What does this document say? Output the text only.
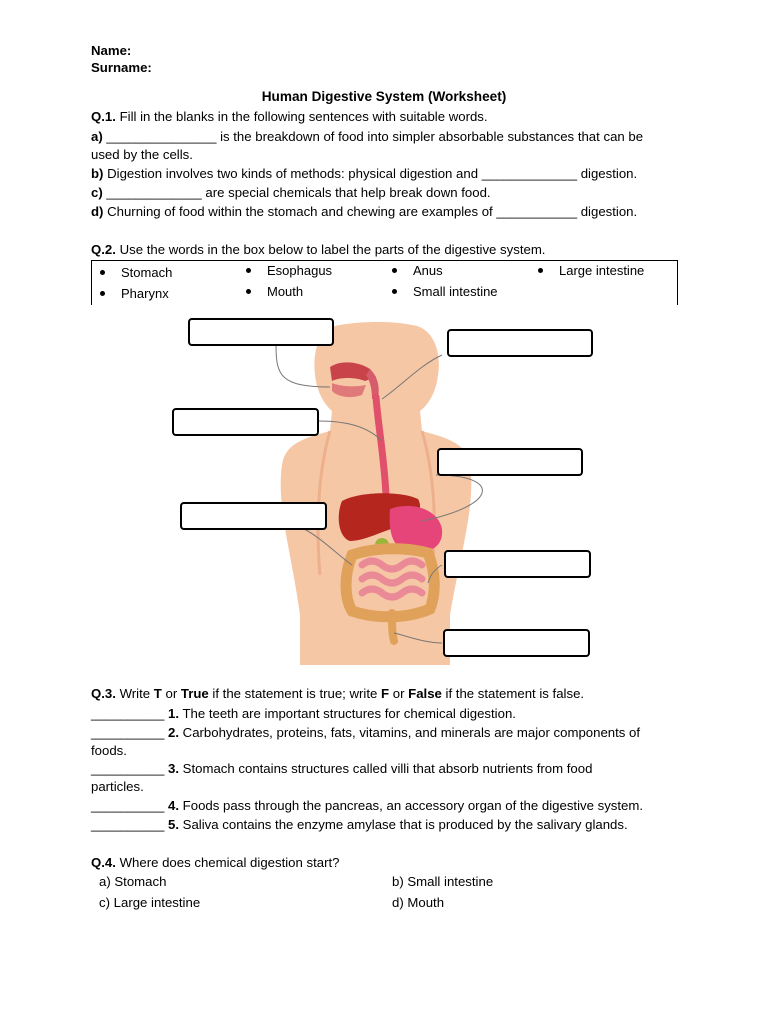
Name:
Surname:
Human Digestive System (Worksheet)
Q.1. Fill in the blanks in the following sentences with suitable words.
a) _______________ is the breakdown of food into simpler absorbable substances that can be
used by the cells.
b) Digestion involves two kinds of methods: physical digestion and _____________ digestion.
c) _____________ are special chemicals that help break down food.
d) Churning of food within the stomach and chewing are examples of ___________ digestion.
Q.2. Use the words in the box below to label the parts of the digestive system.
Stomach	Esophagus	Anus	Large intestine
Pharynx	Mouth	Small intestine
Q.3. Write T or True if the statement is true; write F or False if the statement is false.
__________ 1. The teeth are important structures for chemical digestion.
__________ 2. Carbohydrates, proteins, fats, vitamins, and minerals are major components of
foods.
__________ 3. Stomach contains structures called villi that absorb nutrients from food
particles.
__________ 4. Foods pass through the pancreas, an accessory organ of the digestive system.
__________ 5. Saliva contains the enzyme amylase that is produced by the salivary glands.
Q.4. Where does chemical digestion start?
a) Stomach	b) Small intestine
c) Large intestine	d) Mouth
